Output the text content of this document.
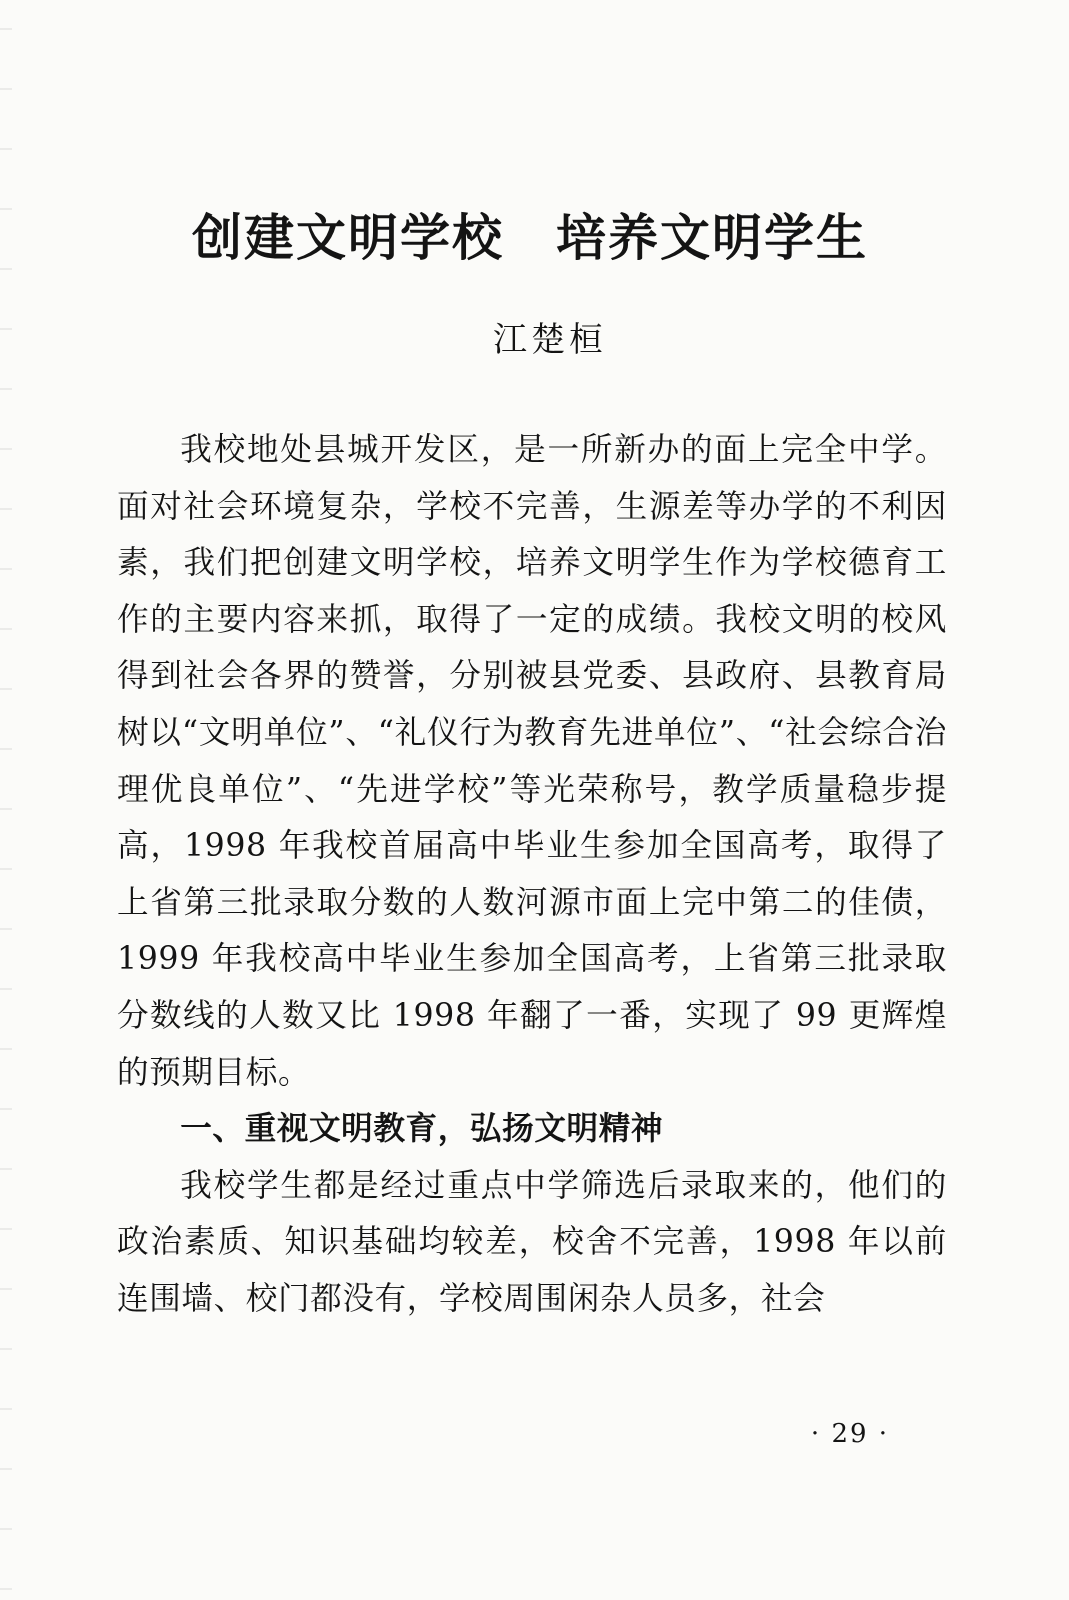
创建文明学校　培养文明学生
江楚桓

我校地处县城开发区，是一所新办的面上完全中学。面对社会环境复杂，学校不完善，生源差等办学的不利因素，我们把创建文明学校，培养文明学生作为学校德育工作的主要内容来抓，取得了一定的成绩。我校文明的校风得到社会各界的赞誉，分别被县党委、县政府、县教育局树以“文明单位”、“礼仪行为教育先进单位”、“社会综合治理优良单位”、“先进学校”等光荣称号，教学质量稳步提高，1998 年我校首届高中毕业生参加全国高考，取得了上省第三批录取分数的人数河源市面上完中第二的佳债，1999 年我校高中毕业生参加全国高考，上省第三批录取分数线的人数又比 1998 年翻了一番，实现了 99 更辉煌的预期目标。

一、重视文明教育，弘扬文明精神

我校学生都是经过重点中学筛选后录取来的，他们的政治素质、知识基础均较差，校舍不完善，1998 年以前连围墙、校门都没有，学校周围闲杂人员多，社会

· 29 ·
